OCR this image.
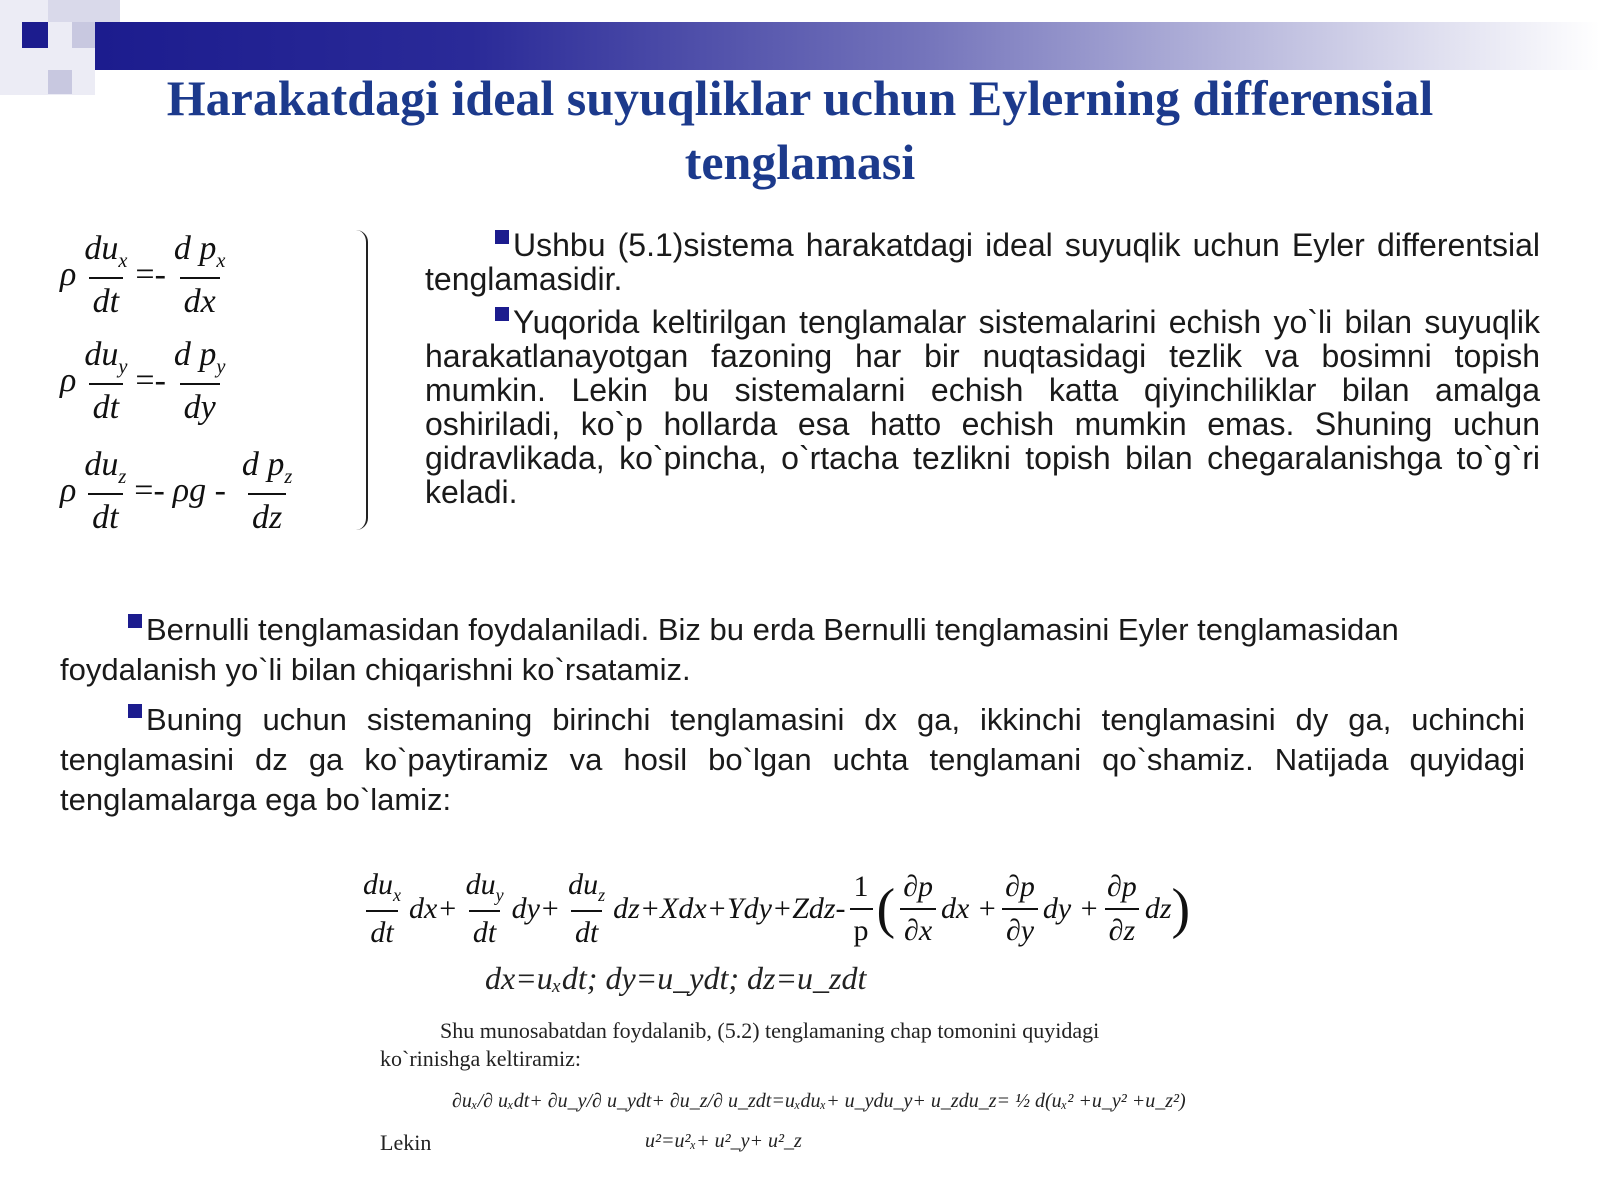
Harakatdagi ideal suyuqliklar uchun Eylerning differensial tenglamasi
ρ $\frac{du_x}{dt} =- \frac{d p_x}{dx}$
ρ $\frac{du_y}{dt} =- \frac{d p_y}{dy}$
ρ $\frac{du_z}{dt} =- \rho g - \frac{d p_z}{dz}$
Ushbu (5.1)sistema harakatdagi ideal suyuqlik uchun Eyler differentsial tenglamasidir.
Yuqorida keltirilgan tenglamalar sistemalarini echish yo`li bilan suyuqlik harakatlanayotgan fazoning har bir nuqtasidagi tezlik va bosimni topish mumkin. Lekin bu sistemalarni echish katta qiyinchiliklar bilan amalga oshiriladi, ko`p hollarda esa hatto echish mumkin emas. Shuning uchun gidravlikada, ko`pincha, o`rtacha tezlikni topish bilan chegaralanishga to`g`ri keladi.
Bernulli tenglamasidan foydalaniladi. Biz bu erda Bernulli tenglamasini Eyler tenglamasidan foydalanish yo`li bilan chiqarishni ko`rsatamiz.
Buning uchun sistemaning birinchi tenglamasini dx ga, ikkinchi tenglamasini dy ga, uchinchi tenglamasini dz ga ko`paytiramiz va hosil bo`lgan uchta tenglamani qo`shamiz. Natijada quyidagi tenglamalarga ega bo`lamiz:
$\frac{du_x}{dt} dx+ \frac{du_y}{dt} dy+ \frac{du_z}{dt} dz+Xdx+Ydy+Zdz- \frac{1}{p}$ ( $\frac{\partial p}{\partial x}$ dx + $\frac{\partial p}{\partial y}$ dy + $\frac{\partial p}{\partial z}$ dz )
dx=uₓdt; dy=u_ydt; dz=u_zdt
Shu munosabatdan foydalanib, (5.2) tenglamaning chap tomonini quyidagi
ko`rinishga keltiramiz:
∂uₓ/∂ uₓdt+ ∂u_y/∂ u_ydt+ ∂u_z/∂ u_zdt=uₓduₓ+ u_ydu_y+ u_zdu_z= ½ d(uₓ² +u_y² +u_z²)
Lekin	u²=u²ₓ+ u²_y+ u²_z
